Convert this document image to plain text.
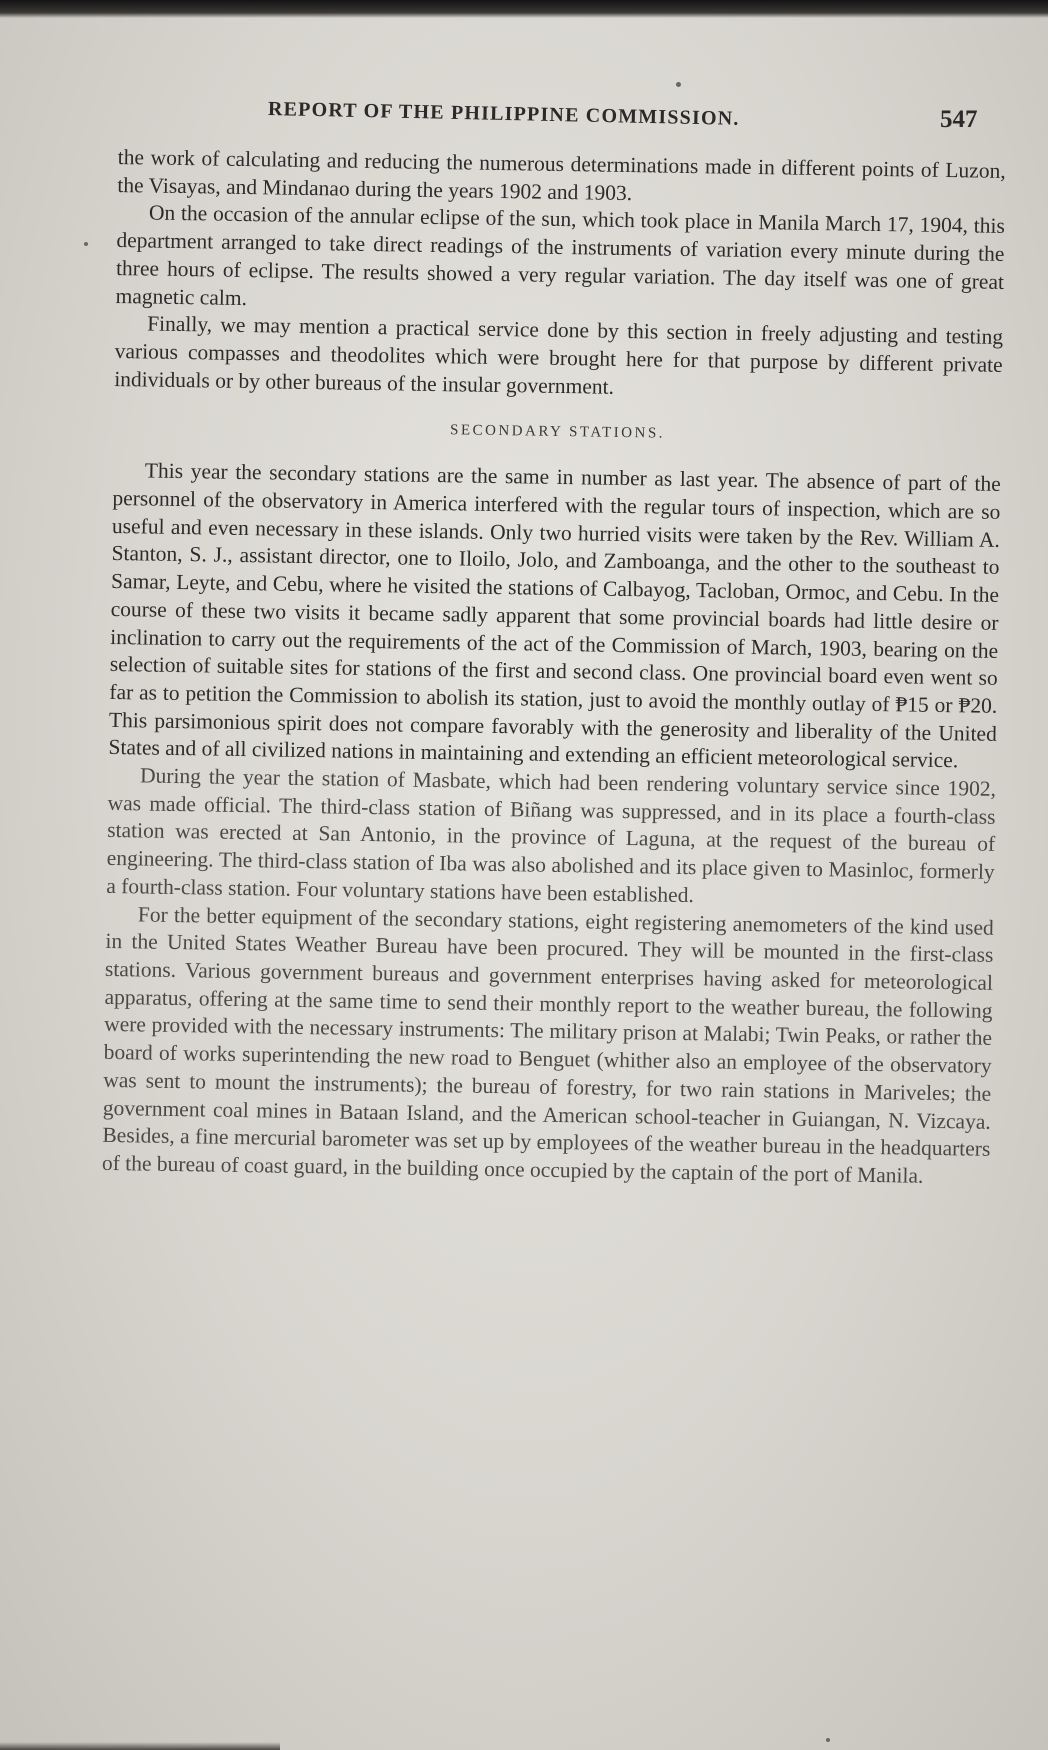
REPORT OF THE PHILIPPINE COMMISSION.	547

the work of calculating and reducing the numerous determinations made in different points of Luzon, the Visayas, and Mindanao during the years 1902 and 1903.

On the occasion of the annular eclipse of the sun, which took place in Manila March 17, 1904, this department arranged to take direct readings of the instruments of variation every minute during the three hours of eclipse. The results showed a very regular variation. The day itself was one of great magnetic calm.

Finally, we may mention a practical service done by this section in freely adjusting and testing various compasses and theodolites which were brought here for that purpose by different private individuals or by other bureaus of the insular government.

SECONDARY STATIONS.

This year the secondary stations are the same in number as last year. The absence of part of the personnel of the observatory in America interfered with the regular tours of inspection, which are so useful and even necessary in these islands. Only two hurried visits were taken by the Rev. William A. Stanton, S. J., assistant director, one to Iloilo, Jolo, and Zamboanga, and the other to the southeast to Samar, Leyte, and Cebu, where he visited the stations of Calbayog, Tacloban, Ormoc, and Cebu. In the course of these two visits it became sadly apparent that some provincial boards had little desire or inclination to carry out the requirements of the act of the Commission of March, 1903, bearing on the selection of suitable sites for stations of the first and second class. One provincial board even went so far as to petition the Commission to abolish its station, just to avoid the monthly outlay of ₱15 or ₱20. This parsimonious spirit does not compare favorably with the generosity and liberality of the United States and of all civilized nations in maintaining and extending an efficient meteorological service.

During the year the station of Masbate, which had been rendering voluntary service since 1902, was made official. The third-class station of Biñang was suppressed, and in its place a fourth-class station was erected at San Antonio, in the province of Laguna, at the request of the bureau of engineering. The third-class station of Iba was also abolished and its place given to Masinloc, formerly a fourth-class station. Four voluntary stations have been established.

For the better equipment of the secondary stations, eight registering anemometers of the kind used in the United States Weather Bureau have been procured. They will be mounted in the first-class stations. Various government bureaus and government enterprises having asked for meteorological apparatus, offering at the same time to send their monthly report to the weather bureau, the following were provided with the necessary instruments: The military prison at Malabi; Twin Peaks, or rather the board of works superintending the new road to Benguet (whither also an employee of the observatory was sent to mount the instruments); the bureau of forestry, for two rain stations in Mariveles; the government coal mines in Bataan Island, and the American school-teacher in Guiangan, N. Vizcaya. Besides, a fine mercurial barometer was set up by employees of the weather bureau in the headquarters of the bureau of coast guard, in the building once occupied by the captain of the port of Manila.
